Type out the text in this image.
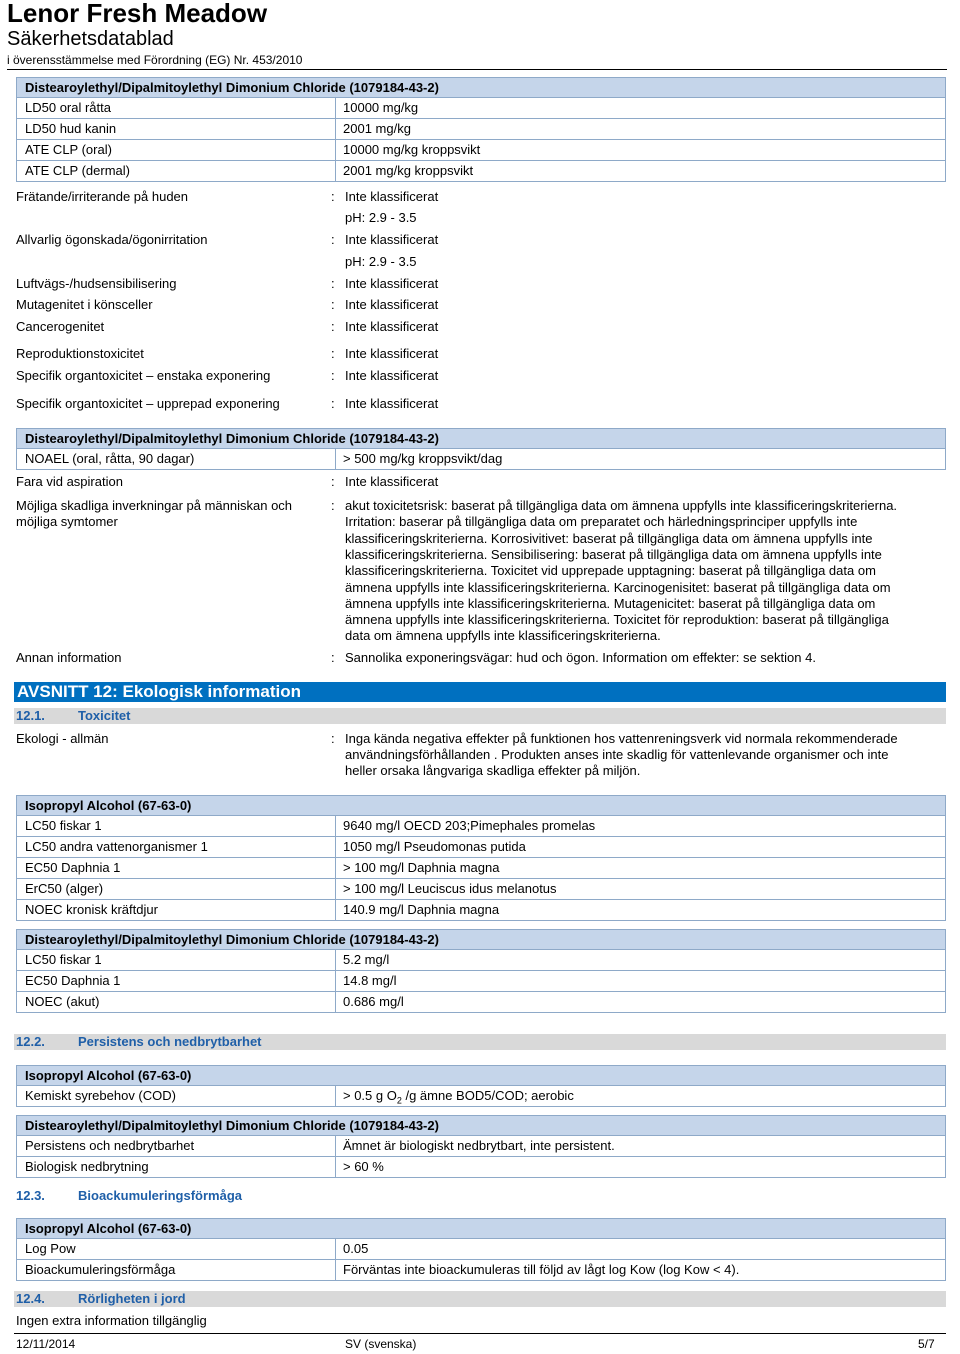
Lenor Fresh Meadow
Säkerhetsdatablad
i överensstämmelse med Förordning (EG) Nr. 453/2010
Distearoylethyl/Dipalmitoylethyl Dimonium Chloride (1079184-43-2)
LD50 oral råtta	10000 mg/kg
LD50 hud kanin	2001 mg/kg
ATE CLP (oral)	10000 mg/kg kroppsvikt
ATE CLP (dermal)	2001 mg/kg kroppsvikt
Frätande/irriterande på huden	: Inte klassificerat
pH: 2.9 - 3.5
Allvarlig ögonskada/ögonirritation	: Inte klassificerat
pH: 2.9 - 3.5
Luftvägs-/hudsensibilisering	: Inte klassificerat
Mutagenitet i könsceller	: Inte klassificerat
Cancerogenitet	: Inte klassificerat
Reproduktionstoxicitet	: Inte klassificerat
Specifik organtoxicitet – enstaka exponering	: Inte klassificerat
Specifik organtoxicitet – upprepad exponering	: Inte klassificerat
Distearoylethyl/Dipalmitoylethyl Dimonium Chloride (1079184-43-2)
NOAEL (oral, råtta, 90 dagar)	> 500 mg/kg kroppsvikt/dag
Fara vid aspiration	: Inte klassificerat
Möjliga skadliga inverkningar på människan och
möjliga symtomer
: akut toxicitetsrisk: baserat på tillgängliga data om ämnena uppfylls inte klassificeringskriterierna.
Irritation: baserar på tillgängliga data om preparatet och härledningsprinciper uppfylls inte
klassificeringskriterierna. Korrosivitivet: baserat på tillgängliga data om ämnena uppfylls inte
klassificeringskriterierna. Sensibilisering: baserat på tillgängliga data om ämnena uppfylls inte
klassificeringskriterierna. Toxicitet vid upprepade upptagning: baserat på tillgängliga data om
ämnena uppfylls inte klassificeringskriterierna. Karcinogenisitet: baserat på tillgängliga data om
ämnena uppfylls inte klassificeringskriterierna. Mutagenicitet: baserat på tillgängliga data om
ämnena uppfylls inte klassificeringskriterierna. Toxicitet för reproduktion: baserat på tillgängliga
data om ämnena uppfylls inte klassificeringskriterierna.
Annan information	: Sannolika exponeringsvägar: hud och ögon. Information om effekter: se sektion 4.
AVSNITT 12: Ekologisk information
12.1.	Toxicitet
Ekologi - allmän	: Inga kända negativa effekter på funktionen hos vattenreningsverk vid normala rekommenderade
användningsförhållanden . Produkten anses inte skadlig för vattenlevande organismer och inte
heller orsaka långvariga skadliga effekter på miljön.
Isopropyl Alcohol (67-63-0)
LC50 fiskar 1	9640 mg/l OECD 203;Pimephales promelas
LC50 andra vattenorganismer 1	1050 mg/l Pseudomonas putida
EC50 Daphnia 1	> 100 mg/l Daphnia magna
ErC50 (alger)	> 100 mg/l Leuciscus idus melanotus
NOEC kronisk kräftdjur	140.9 mg/l Daphnia magna
Distearoylethyl/Dipalmitoylethyl Dimonium Chloride (1079184-43-2)
LC50 fiskar 1	5.2 mg/l
EC50 Daphnia 1	14.8 mg/l
NOEC (akut)	0.686 mg/l
12.2.	Persistens och nedbrytbarhet
Isopropyl Alcohol (67-63-0)
Kemiskt syrebehov (COD)	> 0.5 g $O_2$ /g ämne BOD5/COD; aerobic
Distearoylethyl/Dipalmitoylethyl Dimonium Chloride (1079184-43-2)
Persistens och nedbrytbarhet	Ämnet är biologiskt nedbrytbart, inte persistent.
Biologisk nedbrytning	> 60 %
12.3.	Bioackumuleringsförmåga
Isopropyl Alcohol (67-63-0)
Log Pow	0.05
Bioackumuleringsförmåga	Förväntas inte bioackumuleras till följd av lågt log Kow (log Kow < 4).
12.4.	Rörligheten i jord
Ingen extra information tillgänglig
12/11/2014	SV (svenska)	5/7
